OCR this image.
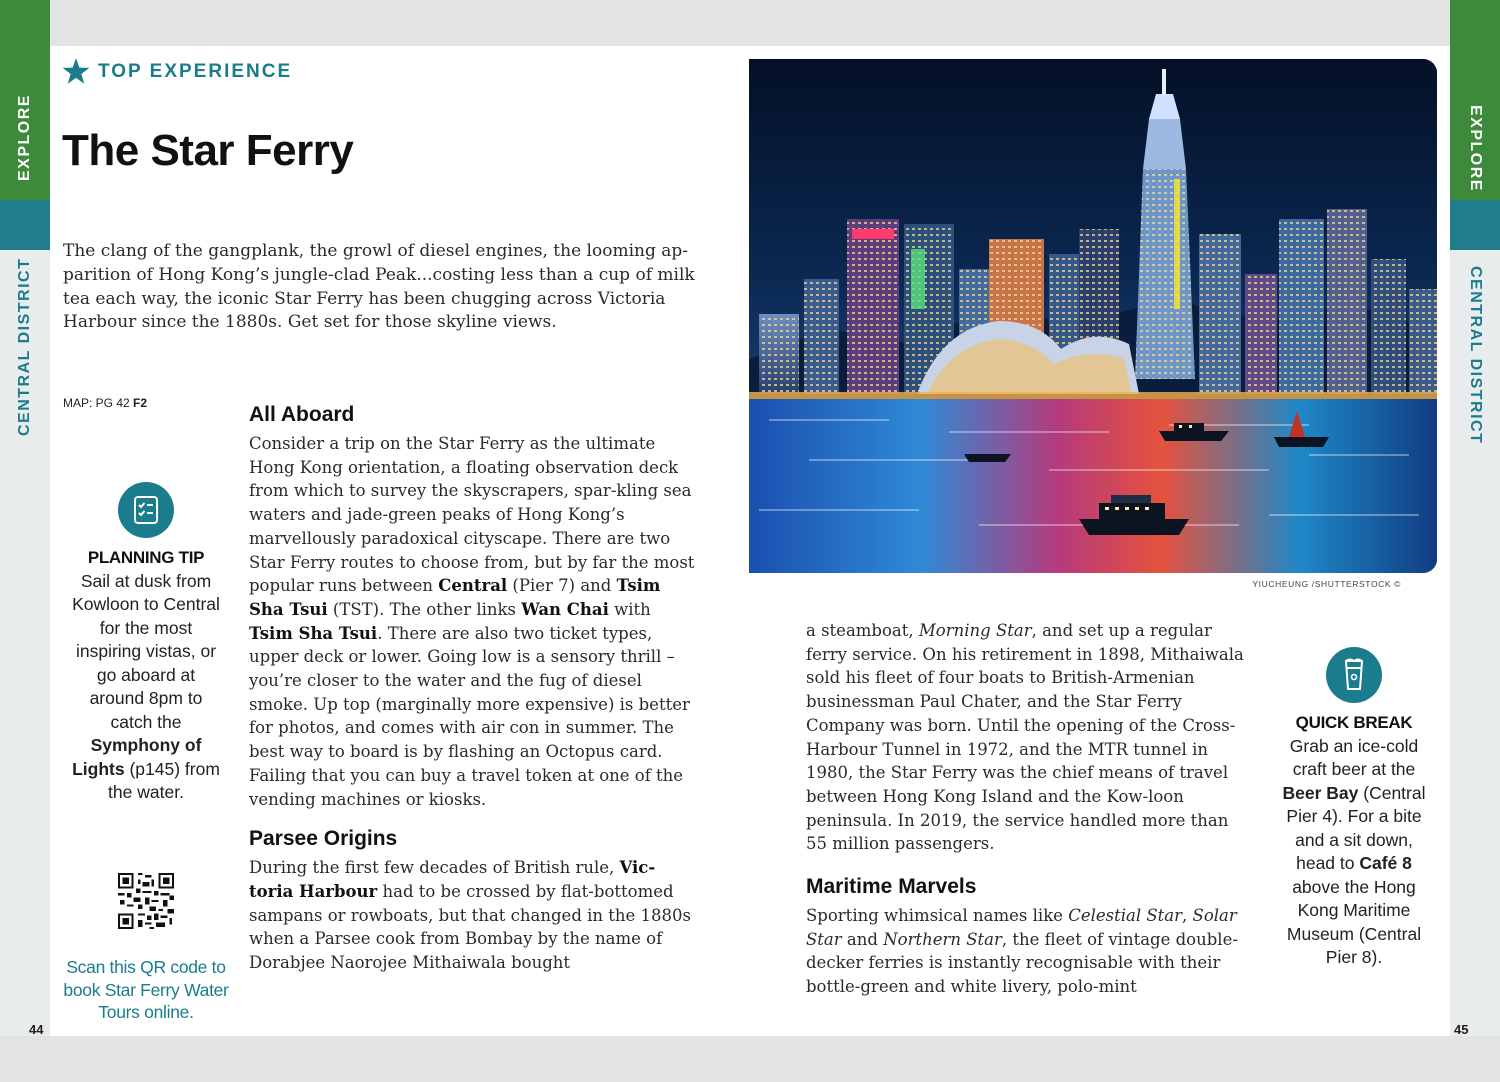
EXPLORE
CENTRAL DISTRICT
44
EXPLORE
CENTRAL DISTRICT
45
TOP EXPERIENCE
The Star Ferry

The clang of the gangplank, the growl of diesel engines, the looming ap-parition of Hong Kong’s jungle-clad Peak...costing less than a cup of milk tea each way, the iconic Star Ferry has been chugging across Victoria Harbour since the 1880s. Get set for those skyline views.

MAP: PG 42 F2
PLANNING TIP
Sail at dusk from Kowloon to Central for the most inspiring vistas, or go aboard at around 8pm to catch the Symphony of Lights (p145) from the water.
Scan this QR code to book Star Ferry Water Tours online.
All Aboard

Consider a trip on the Star Ferry as the ultimate Hong Kong orientation, a floating observation deck from which to survey the skyscrapers, spar-kling sea waters and jade-green peaks of Hong Kong’s marvellously paradoxical cityscape. There are two Star Ferry routes to choose from, but by far the most popular runs between Central (Pier 7) and Tsim Sha Tsui (TST). The other links Wan Chai with Tsim Sha Tsui. There are also two ticket types, upper deck or lower. Going low is a sensory thrill – you’re closer to the water and the fug of diesel smoke. Up top (marginally more expensive) is better for photos, and comes with air con in summer. The best way to board is by flashing an Octopus card. Failing that you can buy a travel token at one of the vending machines or kiosks.

Parsee Origins

During the first few decades of British rule, Vic-toria Harbour had to be crossed by flat-bottomed sampans or rowboats, but that changed in the 1880s when a Parsee cook from Bombay by the name of Dorabjee Naorojee Mithaiwala bought

YIUCHEUNG /SHUTTERSTOCK ©

a steamboat, Morning Star, and set up a regular ferry service. On his retirement in 1898, Mithaiwala sold his fleet of four boats to British-Armenian businessman Paul Chater, and the Star Ferry Company was born. Until the opening of the Cross-Harbour Tunnel in 1972, and the MTR tunnel in 1980, the Star Ferry was the chief means of travel between Hong Kong Island and the Kow-loon peninsula. In 2019, the service handled more than 55 million passengers.

Maritime Marvels

Sporting whimsical names like Celestial Star, Solar Star and Northern Star, the fleet of vintage double-decker ferries is instantly recognisable with their bottle-green and white livery, polo-mint

QUICK BREAK
Grab an ice-cold craft beer at the Beer Bay (Central Pier 4). For a bite and a sit down, head to Café 8 above the Hong Kong Maritime Museum (Central Pier 8).
